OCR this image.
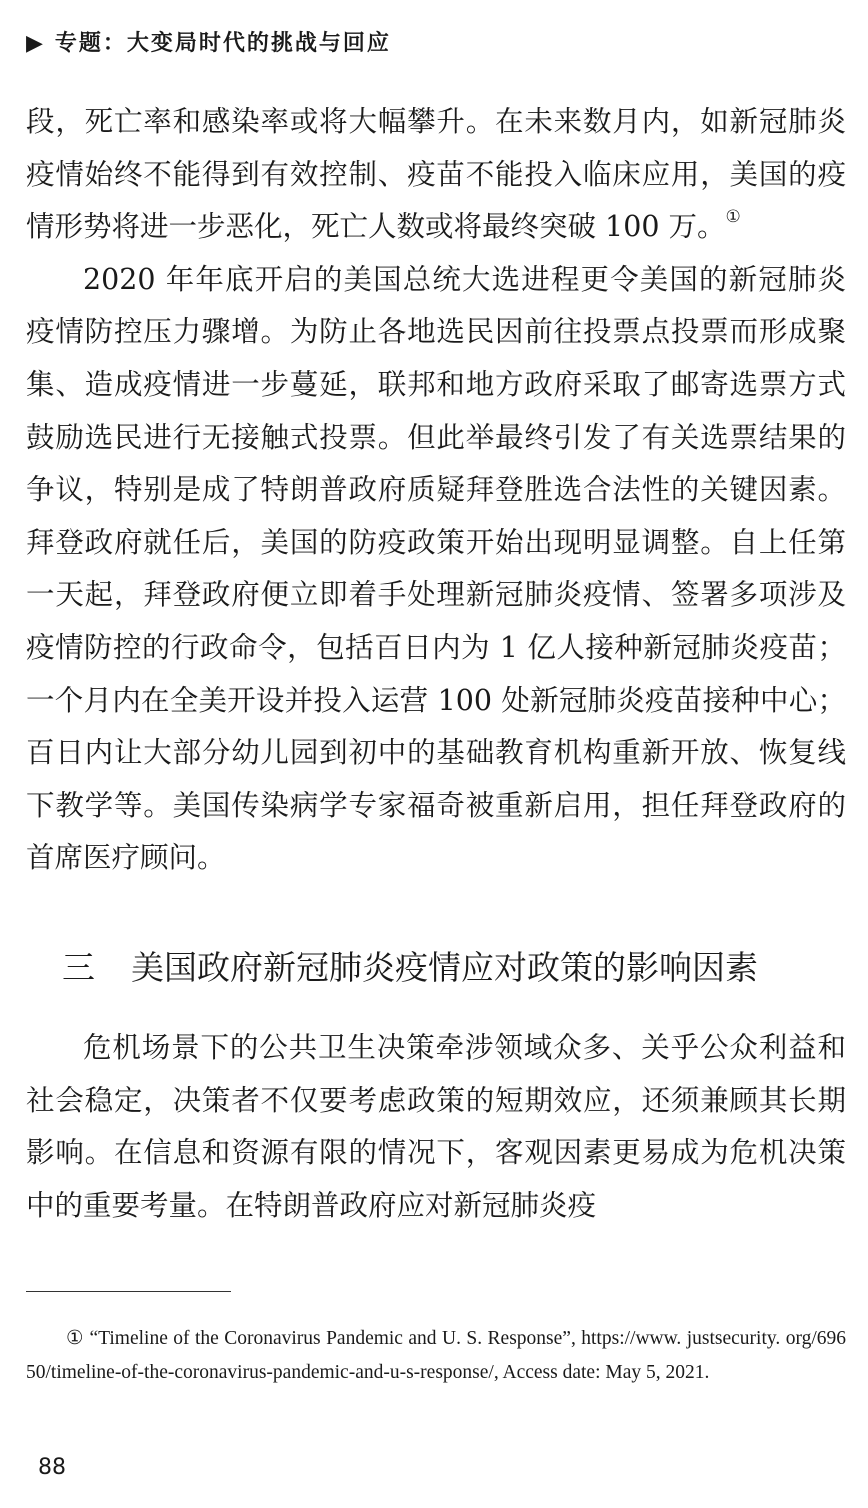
▶ 专题：大变局时代的挑战与回应

段，死亡率和感染率或将大幅攀升。在未来数月内，如新冠肺炎疫情始终不能得到有效控制、疫苗不能投入临床应用，美国的疫情形势将进一步恶化，死亡人数或将最终突破 100 万。①

2020 年年底开启的美国总统大选进程更令美国的新冠肺炎疫情防控压力骤增。为防止各地选民因前往投票点投票而形成聚集、造成疫情进一步蔓延，联邦和地方政府采取了邮寄选票方式鼓励选民进行无接触式投票。但此举最终引发了有关选票结果的争议，特别是成了特朗普政府质疑拜登胜选合法性的关键因素。拜登政府就任后，美国的防疫政策开始出现明显调整。自上任第一天起，拜登政府便立即着手处理新冠肺炎疫情、签署多项涉及疫情防控的行政命令，包括百日内为 1 亿人接种新冠肺炎疫苗；一个月内在全美开设并投入运营 100 处新冠肺炎疫苗接种中心；百日内让大部分幼儿园到初中的基础教育机构重新开放、恢复线下教学等。美国传染病学专家福奇被重新启用，担任拜登政府的首席医疗顾问。

三 美国政府新冠肺炎疫情应对政策的影响因素

危机场景下的公共卫生决策牵涉领域众多、关乎公众利益和社会稳定，决策者不仅要考虑政策的短期效应，还须兼顾其长期影响。在信息和资源有限的情况下，客观因素更易成为危机决策中的重要考量。在特朗普政府应对新冠肺炎疫

① “Timeline of the Coronavirus Pandemic and U. S. Response”, https://www. justsecurity. org/69650/timeline-of-the-coronavirus-pandemic-and-u-s-response/, Access date: May 5, 2021.

88
